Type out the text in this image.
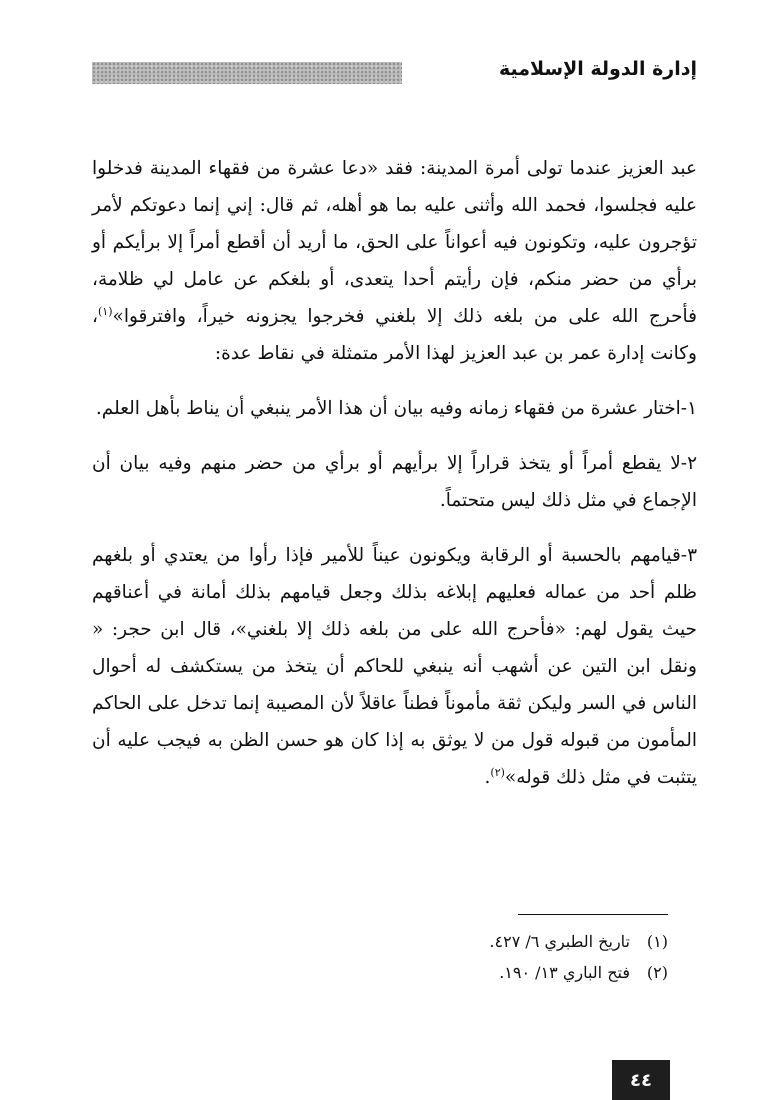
إدارة الدولة الإسلامية

عبد العزيز عندما تولى أمرة المدينة: فقد «دعا عشرة من فقهاء المدينة فدخلوا عليه فجلسوا، فحمد الله وأثنى عليه بما هو أهله، ثم قال: إني إنما دعوتكم لأمر تؤجرون عليه، وتكونون فيه أعواناً على الحق، ما أريد أن أقطع أمراً إلا برأيكم أو برأي من حضر منكم، فإن رأيتم أحدا يتعدى، أو بلغكم عن عامل لي ظلامة، فأحرج الله على من بلغه ذلك إلا بلغني فخرجوا يجزونه خيراً، وافترقوا»$^{(١)}$، وكانت إدارة عمر بن عبد العزيز لهذا الأمر متمثلة في نقاط عدة:

١-اختار عشرة من فقهاء زمانه وفيه بيان أن هذا الأمر ينبغي أن يناط بأهل العلم.

٢-لا يقطع أمراً أو يتخذ قراراً إلا برأيهم أو برأي من حضر منهم وفيه بيان أن الإجماع في مثل ذلك ليس متحتماً.

٣-قيامهم بالحسبة أو الرقابة ويكونون عيناً للأمير فإذا رأوا من يعتدي أو بلغهم ظلم أحد من عماله فعليهم إبلاغه بذلك وجعل قيامهم بذلك أمانة في أعناقهم حيث يقول لهم: «فأحرج الله على من بلغه ذلك إلا بلغني»، قال ابن حجر: « ونقل ابن التين عن أشهب أنه ينبغي للحاكم أن يتخذ من يستكشف له أحوال الناس في السر وليكن ثقة مأموناً فطناً عاقلاً لأن المصيبة إنما تدخل على الحاكم المأمون من قبوله قول من لا يوثق به إذا كان هو حسن الظن به فيجب عليه أن يتثبت في مثل ذلك قوله»$^{(٢)}$.

(١)
تاريخ الطبري ٦/ ٤٢٧.
(٢)
فتح الباري ١٣/ ١٩٠.
٤٤
